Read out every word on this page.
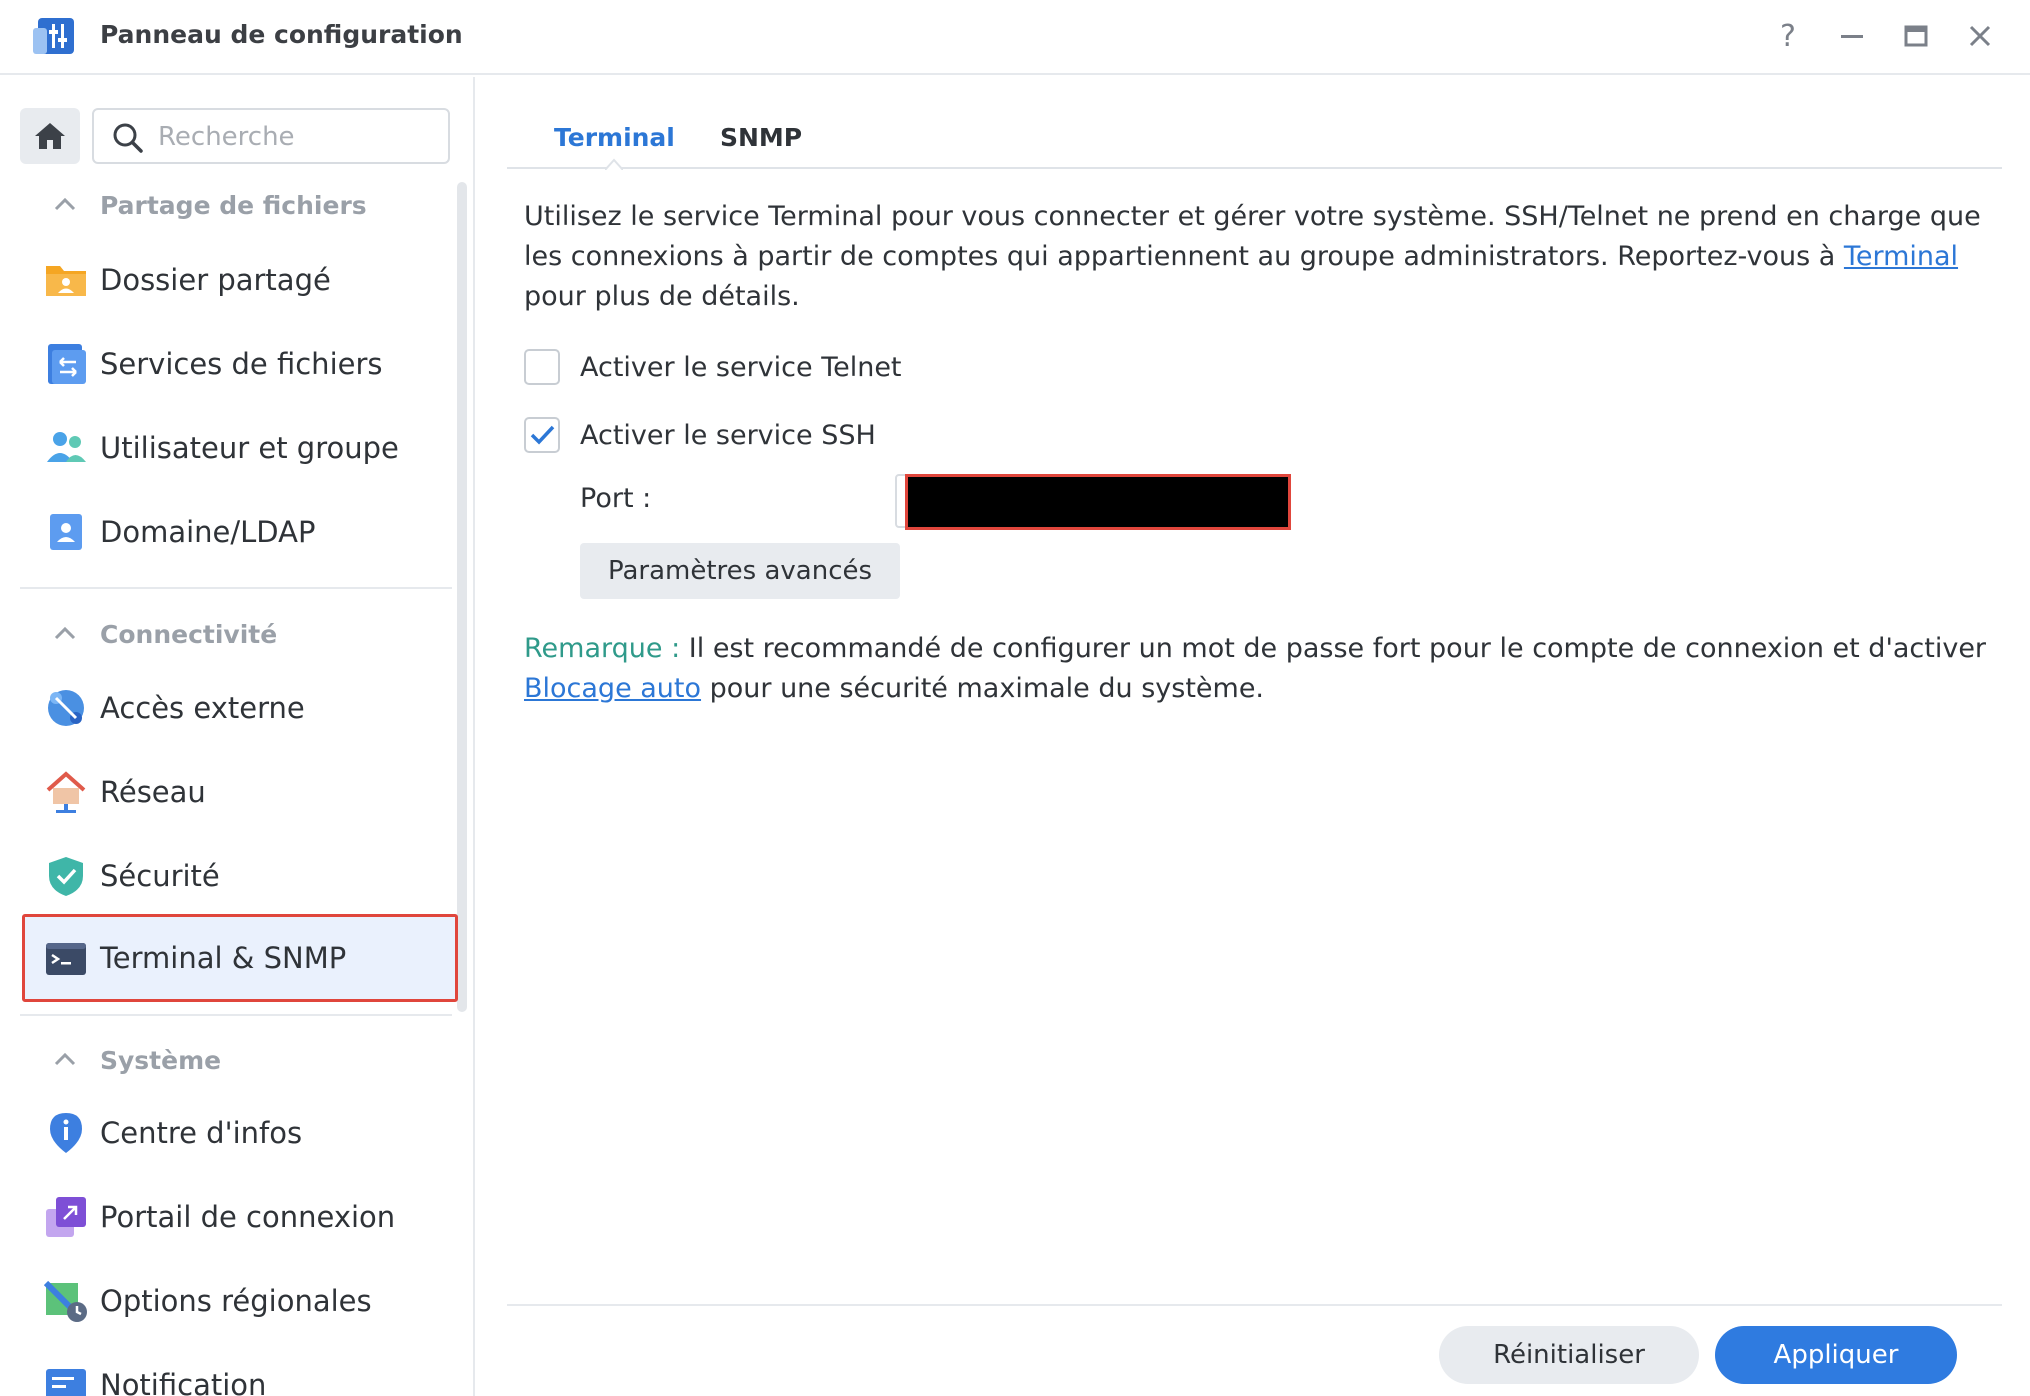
Panneau de configuration	?
Recherche
Partage de fichiers
Dossier partagé
Services de fichiers
Utilisateur et groupe
Domaine/LDAP
Connectivité
Accès externe
Réseau
Sécurité
Terminal & SNMP
Système
Centre d'infos
Portail de connexion
Options régionales
Notification
Terminal SNMP

Utilisez le service Terminal pour vous connecter et gérer votre système. SSH/Telnet ne prend en charge que les connexions à partir de comptes qui appartiennent au groupe administrators. Reportez-vous à Terminal pour plus de détails.

Activer le service Telnet
Activer le service SSH
Port :
Paramètres avancés

Remarque : Il est recommandé de configurer un mot de passe fort pour le compte de connexion et d'activer Blocage auto pour une sécurité maximale du système.

Réinitialiser	Appliquer
